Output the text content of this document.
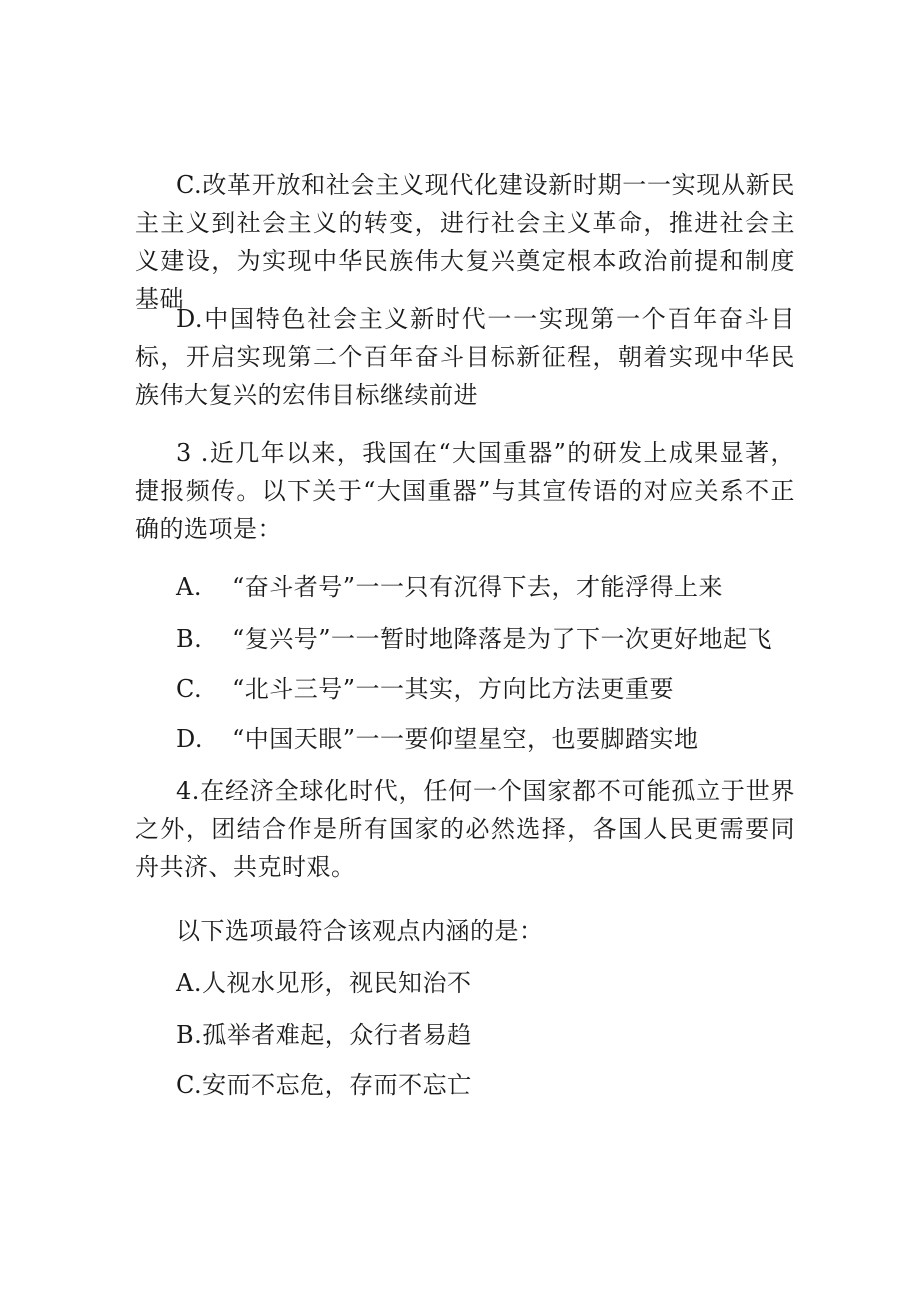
C.改革开放和社会主义现代化建设新时期一一实现从新民主主义到社会主义的转变，进行社会主义革命，推进社会主义建设，为实现中华民族伟大复兴奠定根本政治前提和制度基础

D.中国特色社会主义新时代一一实现第一个百年奋斗目标，开启实现第二个百年奋斗目标新征程，朝着实现中华民族伟大复兴的宏伟目标继续前进

3 .近几年以来，我国在“大国重器”的研发上成果显著，捷报频传。以下关于“大国重器”与其宣传语的对应关系不正确的选项是：

A. “奋斗者号”一一只有沉得下去，才能浮得上来

B. “复兴号”一一暂时地降落是为了下一次更好地起飞

C. “北斗三号”一一其实，方向比方法更重要

D. “中国天眼”一一要仰望星空，也要脚踏实地

4.在经济全球化时代，任何一个国家都不可能孤立于世界之外，团结合作是所有国家的必然选择，各国人民更需要同舟共济、共克时艰。

以下选项最符合该观点内涵的是：

A.人视水见形，视民知治不

B.孤举者难起，众行者易趋

C.安而不忘危，存而不忘亡
